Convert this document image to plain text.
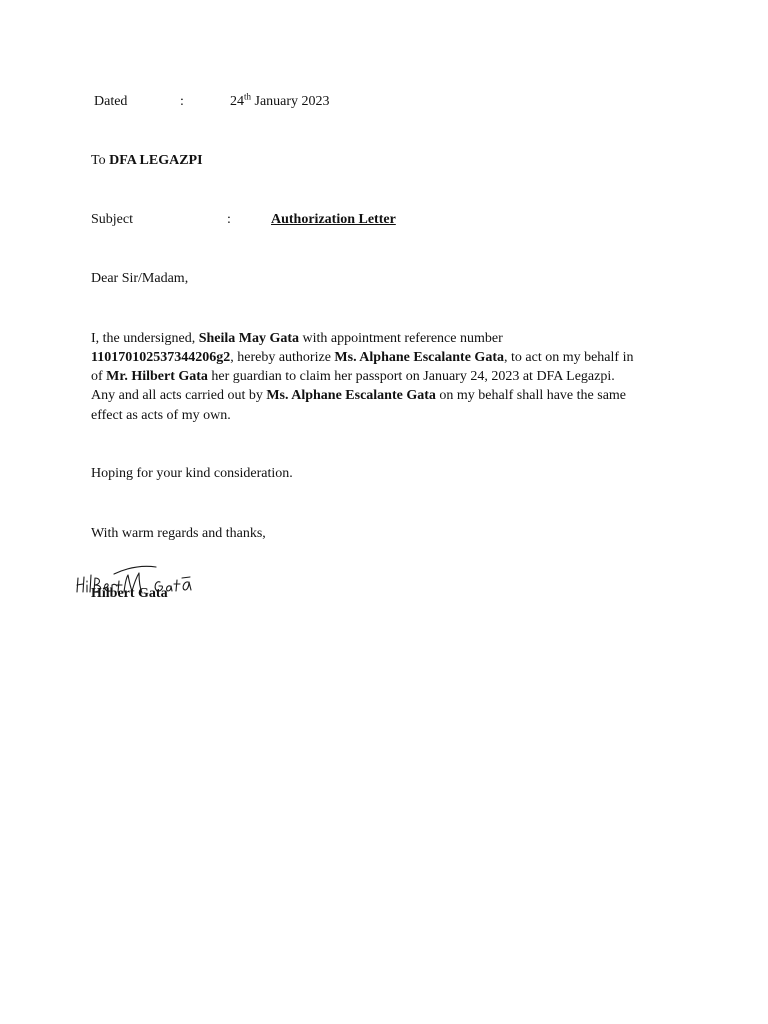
Dated	:	24th January 2023
To DFA LEGAZPI
Subject	:	Authorization Letter
Dear Sir/Madam,
I, the undersigned, Sheila May Gata with appointment reference number
110170102537344206g2, hereby authorize Ms. Alphane Escalante Gata, to act on my behalf in
of Mr. Hilbert Gata her guardian to claim her passport on January 24, 2023 at DFA Legazpi.
Any and all acts carried out by Ms. Alphane Escalante Gata on my behalf shall have the same
effect as acts of my own.
Hoping for your kind consideration.
With warm regards and thanks,
Hilbert Gata
